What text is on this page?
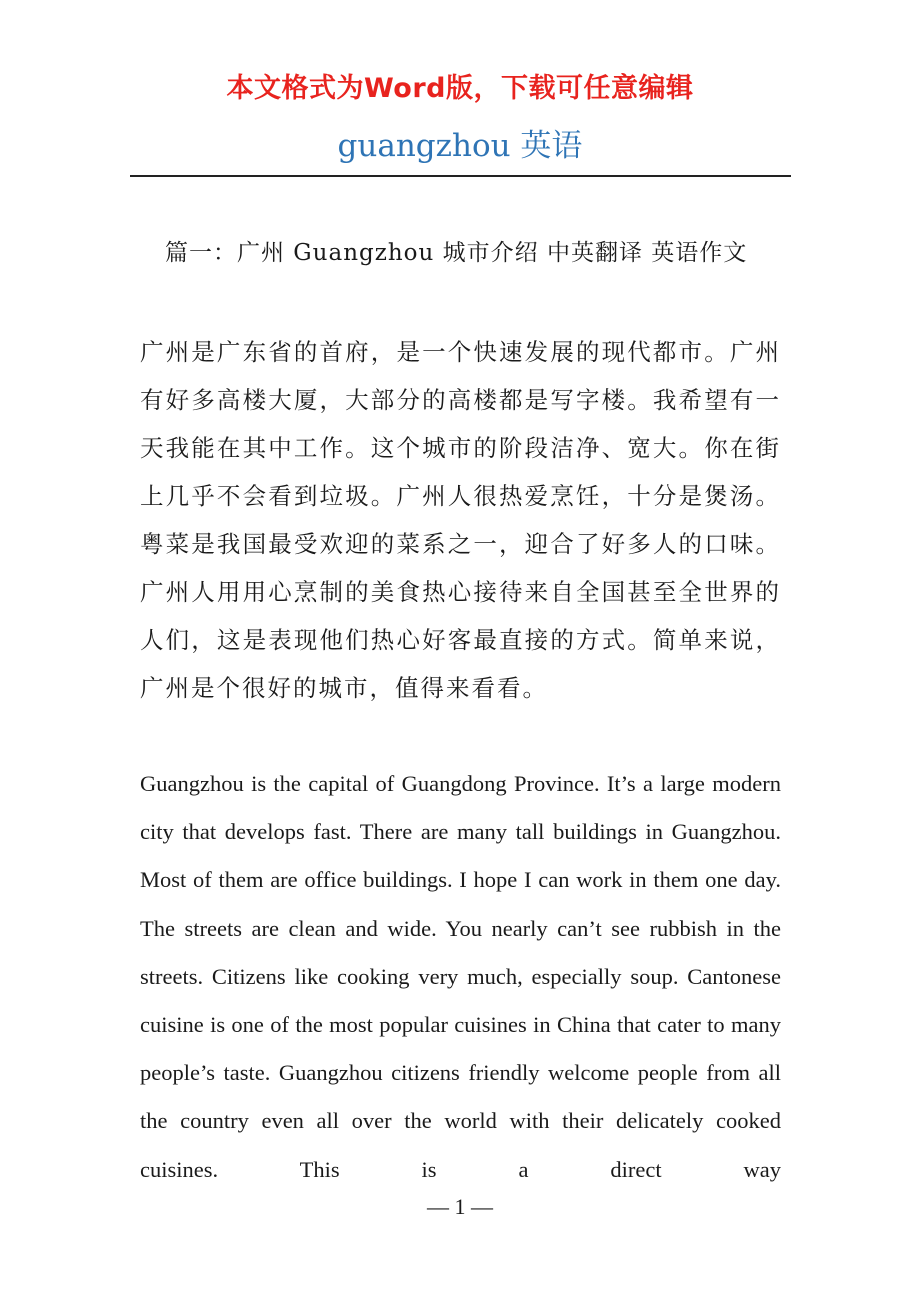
本文格式为Word版，下载可任意编辑
guangzhou 英语
篇一：广州 Guangzhou 城市介绍 中英翻译 英语作文
广州是广东省的首府，是一个快速发展的现代都市。广州有好多高楼大厦，大部分的高楼都是写字楼。我希望有一天我能在其中工作。这个城市的阶段洁净、宽大。你在街上几乎不会看到垃圾。广州人很热爱烹饪，十分是煲汤。粤菜是我国最受欢迎的菜系之一，迎合了好多人的口味。广州人用用心烹制的美食热心接待来自全国甚至全世界的人们，这是表现他们热心好客最直接的方式。简单来说，广州是个很好的城市，值得来看看。
Guangzhou is the capital of Guangdong Province. It’s a large modern city that develops fast. There are many tall buildings in Guangzhou. Most of them are office buildings. I hope I can work in them one day. The streets are clean and wide. You nearly can’t see rubbish in the streets. Citizens like cooking very much, especially soup. Cantonese cuisine is one of the most popular cuisines in China that cater to many people’s taste. Guangzhou citizens friendly welcome people from all the country even all over the world with their delicately cooked cuisines. This is a direct way
— 1 —
